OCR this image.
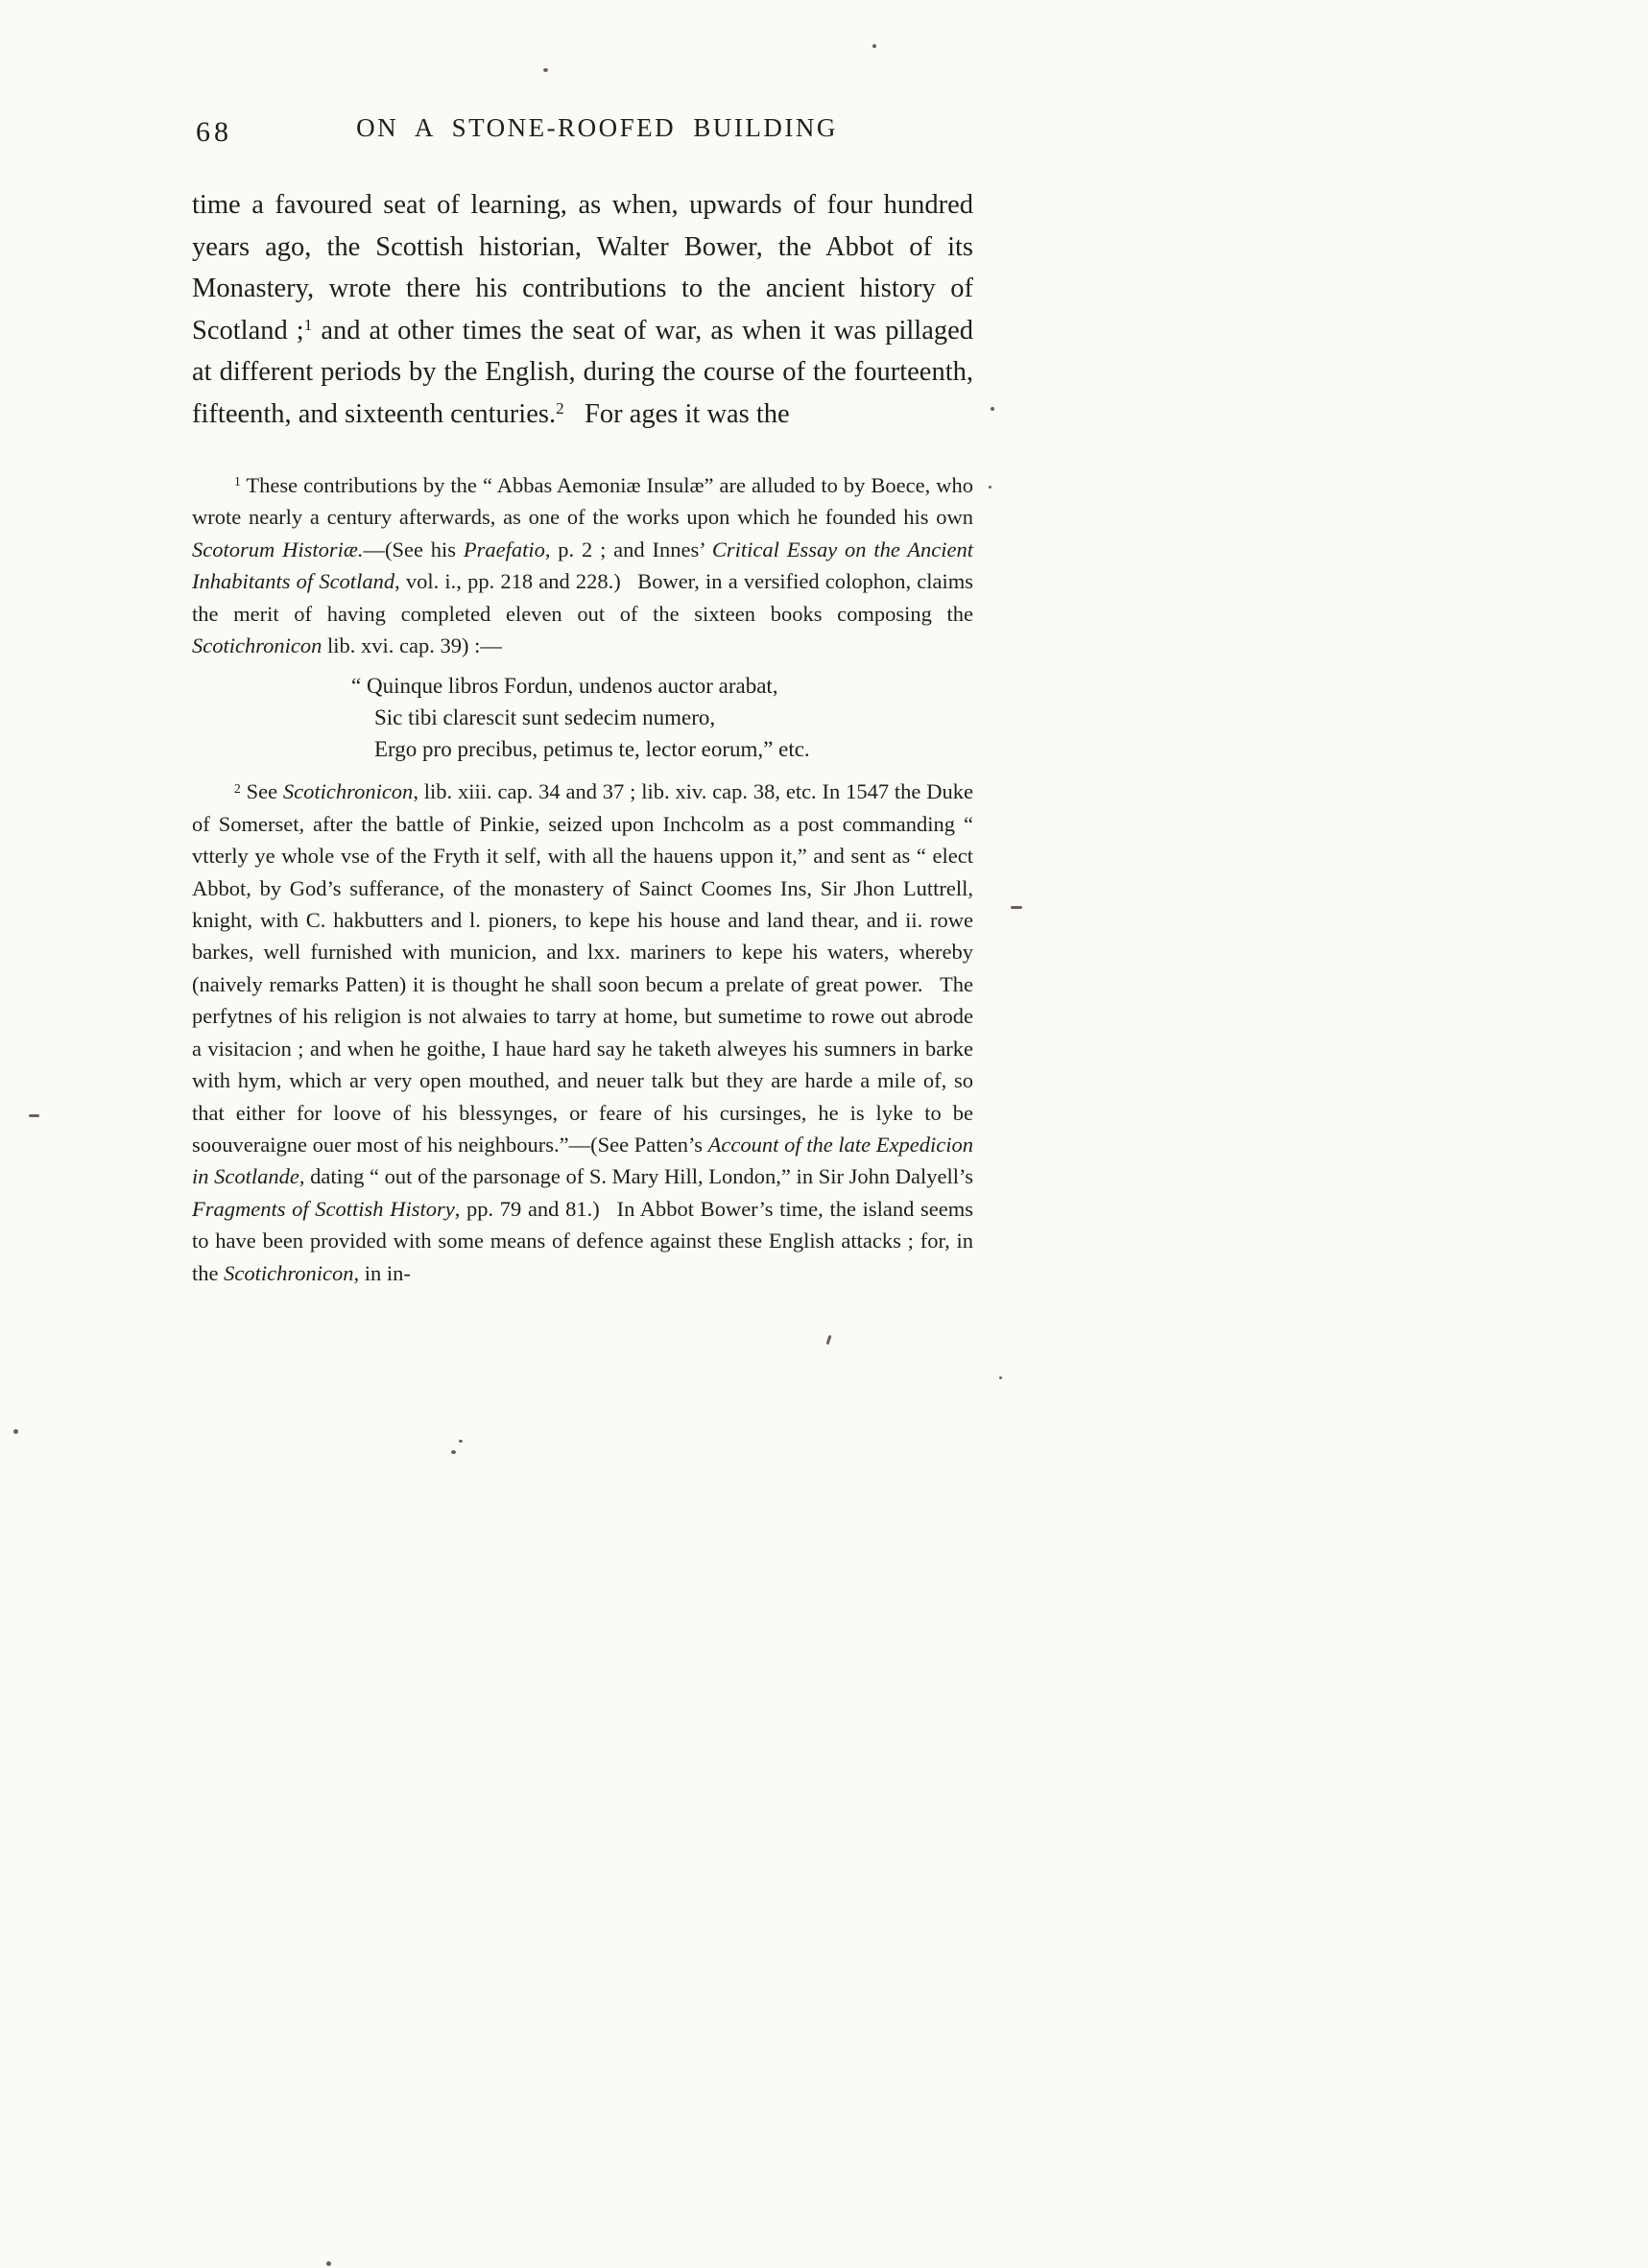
68	ON A STONE-ROOFED BUILDING

time a favoured seat of learning, as when, upwards of four hundred years ago, the Scottish historian, Walter Bower, the Abbot of its Monastery, wrote there his contributions to the ancient history of Scotland ;$^1$ and at other times the seat of war, as when it was pillaged at different periods by the English, during the course of the fourteenth, fifteenth, and sixteenth centuries.$^2$  For ages it was the

$^1$ These contributions by the “ Abbas Aemoniæ Insulæ” are alluded to by Boece, who wrote nearly a century afterwards, as one of the works upon which he founded his own Scotorum Historiæ.—(See his Praefatio, p. 2 ; and Innes’ Critical Essay on the Ancient Inhabitants of Scotland, vol. i., pp. 218 and 228.)  Bower, in a versified colophon, claims the merit of having completed eleven out of the sixteen books composing the Scotichronicon lib. xvi. cap. 39) :—

“ Quinque libros Fordun, undenos auctor arabat,
Sic tibi clarescit sunt sedecim numero,
Ergo pro precibus, petimus te, lector eorum,” etc.

$^2$ See Scotichronicon, lib. xiii. cap. 34 and 37 ; lib. xiv. cap. 38, etc. In 1547 the Duke of Somerset, after the battle of Pinkie, seized upon Inchcolm as a post commanding “ vtterly ye whole vse of the Fryth it self, with all the hauens uppon it,” and sent as “ elect Abbot, by God’s sufferance, of the monastery of Sainct Coomes Ins, Sir Jhon Luttrell, knight, with C. hakbutters and l. pioners, to kepe his house and land thear, and ii. rowe barkes, well furnished with municion, and lxx. mariners to kepe his waters, whereby (naively remarks Patten) it is thought he shall soon becum a prelate of great power.  The perfytnes of his religion is not alwaies to tarry at home, but sumetime to rowe out abrode a visitacion ; and when he goithe, I haue hard say he taketh alweyes his sumners in barke with hym, which ar very open mouthed, and neuer talk but they are harde a mile of, so that either for loove of his blessynges, or feare of his cursinges, he is lyke to be soouveraigne ouer most of his neighbours.”—(See Patten’s Account of the late Expedicion in Scotlande, dating “ out of the parsonage of S. Mary Hill, London,” in Sir John Dalyell’s Fragments of Scottish History, pp. 79 and 81.)  In Abbot Bower’s time, the island seems to have been provided with some means of defence against these English attacks ; for, in the Scotichronicon, in in-
